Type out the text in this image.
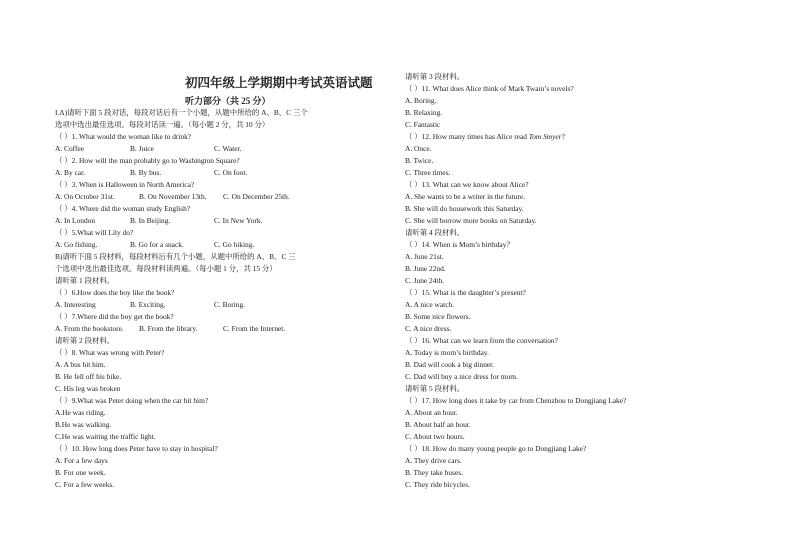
初四年级上学期期中考试英语试题
听力部分（共 25 分）
I.A)请听下面 5 段对话，每段对话后有一个小题，从题中所给的 A、B、C 三个
选项中选出最佳选项。每段对话读一遍。（每小题 2 分，共 10 分）
（ ）1. What would the woman like to drink?
A. Coffee	B. Juice	C. Water.
（ ）2. How will the man probably go to Washington Square?
A. By car.	B. By bus.	C. On foot.
（ ）3. When is Halloween in North America?
A. On October 31st.	B. On November 13th.	C. On December 25th.
（ ）4. Where did the woman study English?
A. In London	B. In Beijing.	C. In New York.
（ ）5.What will Lily do?
A. Go fishing.	B. Go for a snack.	C. Go hiking.
B)请听下面 5 段材料，每段材料后有几个小题，从题中所给的 A、B、C 三
个选项中选出最佳选项。每段材料读两遍。（每小题 1 分，共 15 分）
请听第 1 段材料。
（ ）6.How does the boy like the book?
A. Interesting	B. Exciting.	C. Boring.
（ ）7.Where did the boy get the book?
A. From the bookstore.	B. From the library.	C. From the Internet.
请听第 2 段材料。
（ ）8. What was wrong with Peter?
A. A bus hit him.
B. He fell off his bike.
C. His leg was broken
（ ）9.What was Peter doing when the car hit him?
A.He was riding.
B.He was walking.
C.He was waiting the traffic light.
（ ）10. How long does Peter have to stay in hospital?
A. For a few days
B. For one week.
C. For a few weeks.
请听第 3 段材料。
（ ）11. What does Alice think of Mark Twain’s novels?
A. Boring.
B. Relaxing.
C. Fantastic
（ ）12. How many times has Alice read Tom Smyer?
A. Once.
B. Twice.
C. Three times.
（ ）13. What can we know about Alice?
A. She wants to be a writer in the future.
B. She will do housework this Saturday.
C. She will borrow more books on Saturday.
请听第 4 段材料。
（ ）14. When is Mom’s birthday？
A. June 21st.
B. June 22nd.
C. June 24th.
（ ）15. What is the daughter’s present?
A. A nice watch.
B. Some nice flowers.
C. A nice dress.
（ ）16. What can we learn from the conversation?
A. Today is mom’s birthday.
B. Dad will cook a big dinner.
C. Dad will buy a nice dress for mom.
请听第 5 段材料。
（ ）17. How long does it take by car from Chenzhou to Dongjiang Lake?
A. About an hour.
B. About half an hour.
C. About two hours.
（ ）18. How do many young people go to Dongjiang Lake?
A. They drive cars.
B. They take buses.
C. They ride bicycles.
